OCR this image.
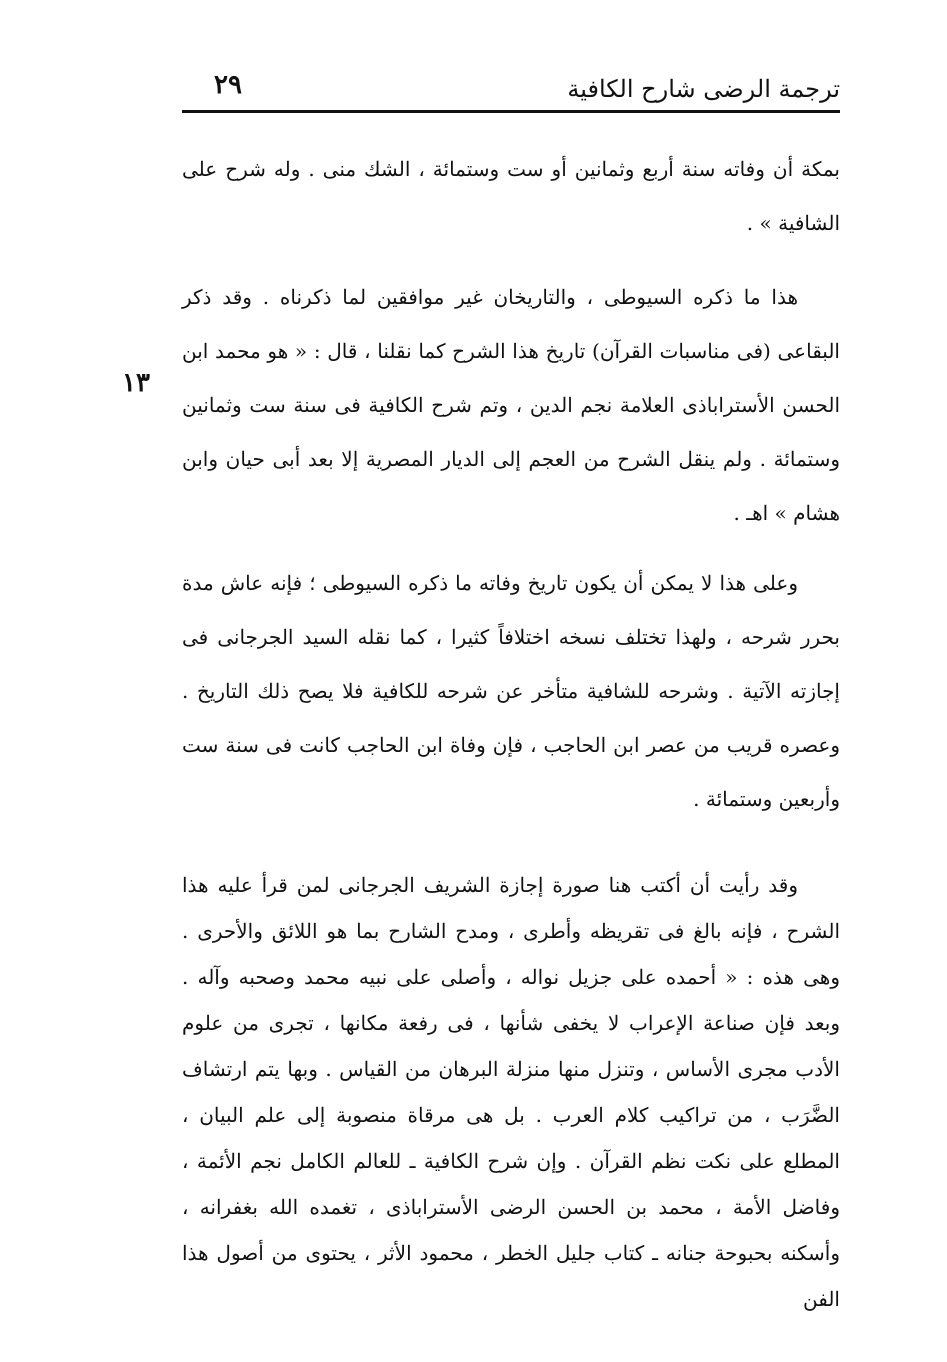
ترجمة الرضى شارح الكافية
٢٩
١٣

بمكة أن وفاته سنة أربع وثمانين أو ست وستمائة ، الشك منى . وله شرح على الشافية » .

هذا ما ذكره السيوطى ، والتاريخان غير موافقين لما ذكرناه . وقد ذكر البقاعى (فى مناسبات القرآن) تاريخ هذا الشرح كما نقلنا ، قال : « هو محمد ابن الحسن الأستراباذى العلامة نجم الدين ، وتم شرح الكافية فى سنة ست وثمانين وستمائة . ولم ينقل الشرح من العجم إلى الديار المصرية إلا بعد أبى حيان وابن هشام » اهـ .

وعلى هذا لا يمكن أن يكون تاريخ وفاته ما ذكره السيوطى ؛ فإنه عاش مدة بحرر شرحه ، ولهذا تختلف نسخه اختلافاً كثيرا ، كما نقله السيد الجرجانى فى إجازته الآتية . وشرحه للشافية متأخر عن شرحه للكافية فلا يصح ذلك التاريخ . وعصره قريب من عصر ابن الحاجب ، فإن وفاة ابن الحاجب كانت فى سنة ست وأربعين وستمائة .

وقد رأيت أن أكتب هنا صورة إجازة الشريف الجرجانى لمن قرأ عليه هذا الشرح ، فإنه بالغ فى تقريظه وأطرى ، ومدح الشارح بما هو اللائق والأحرى . وهى هذه : « أحمده على جزيل نواله ، وأصلى على نبيه محمد وصحبه وآله . وبعد فإن صناعة الإعراب لا يخفى شأنها ، فى رفعة مكانها ، تجرى من علوم الأدب مجرى الأساس ، وتنزل منها منزلة البرهان من القياس . وبها يتم ارتشاف الضَّرَب ، من تراكيب كلام العرب . بل هى مرقاة منصوبة إلى علم البيان ، المطلع على نكت نظم القرآن . وإن شرح الكافية ـ للعالم الكامل نجم الأئمة ، وفاضل الأمة ، محمد بن الحسن الرضى الأستراباذى ، تغمده الله بغفرانه ، وأسكنه بحبوحة جنانه ـ كتاب جليل الخطر ، محمود الأثر ، يحتوى من أصول هذا الفن
